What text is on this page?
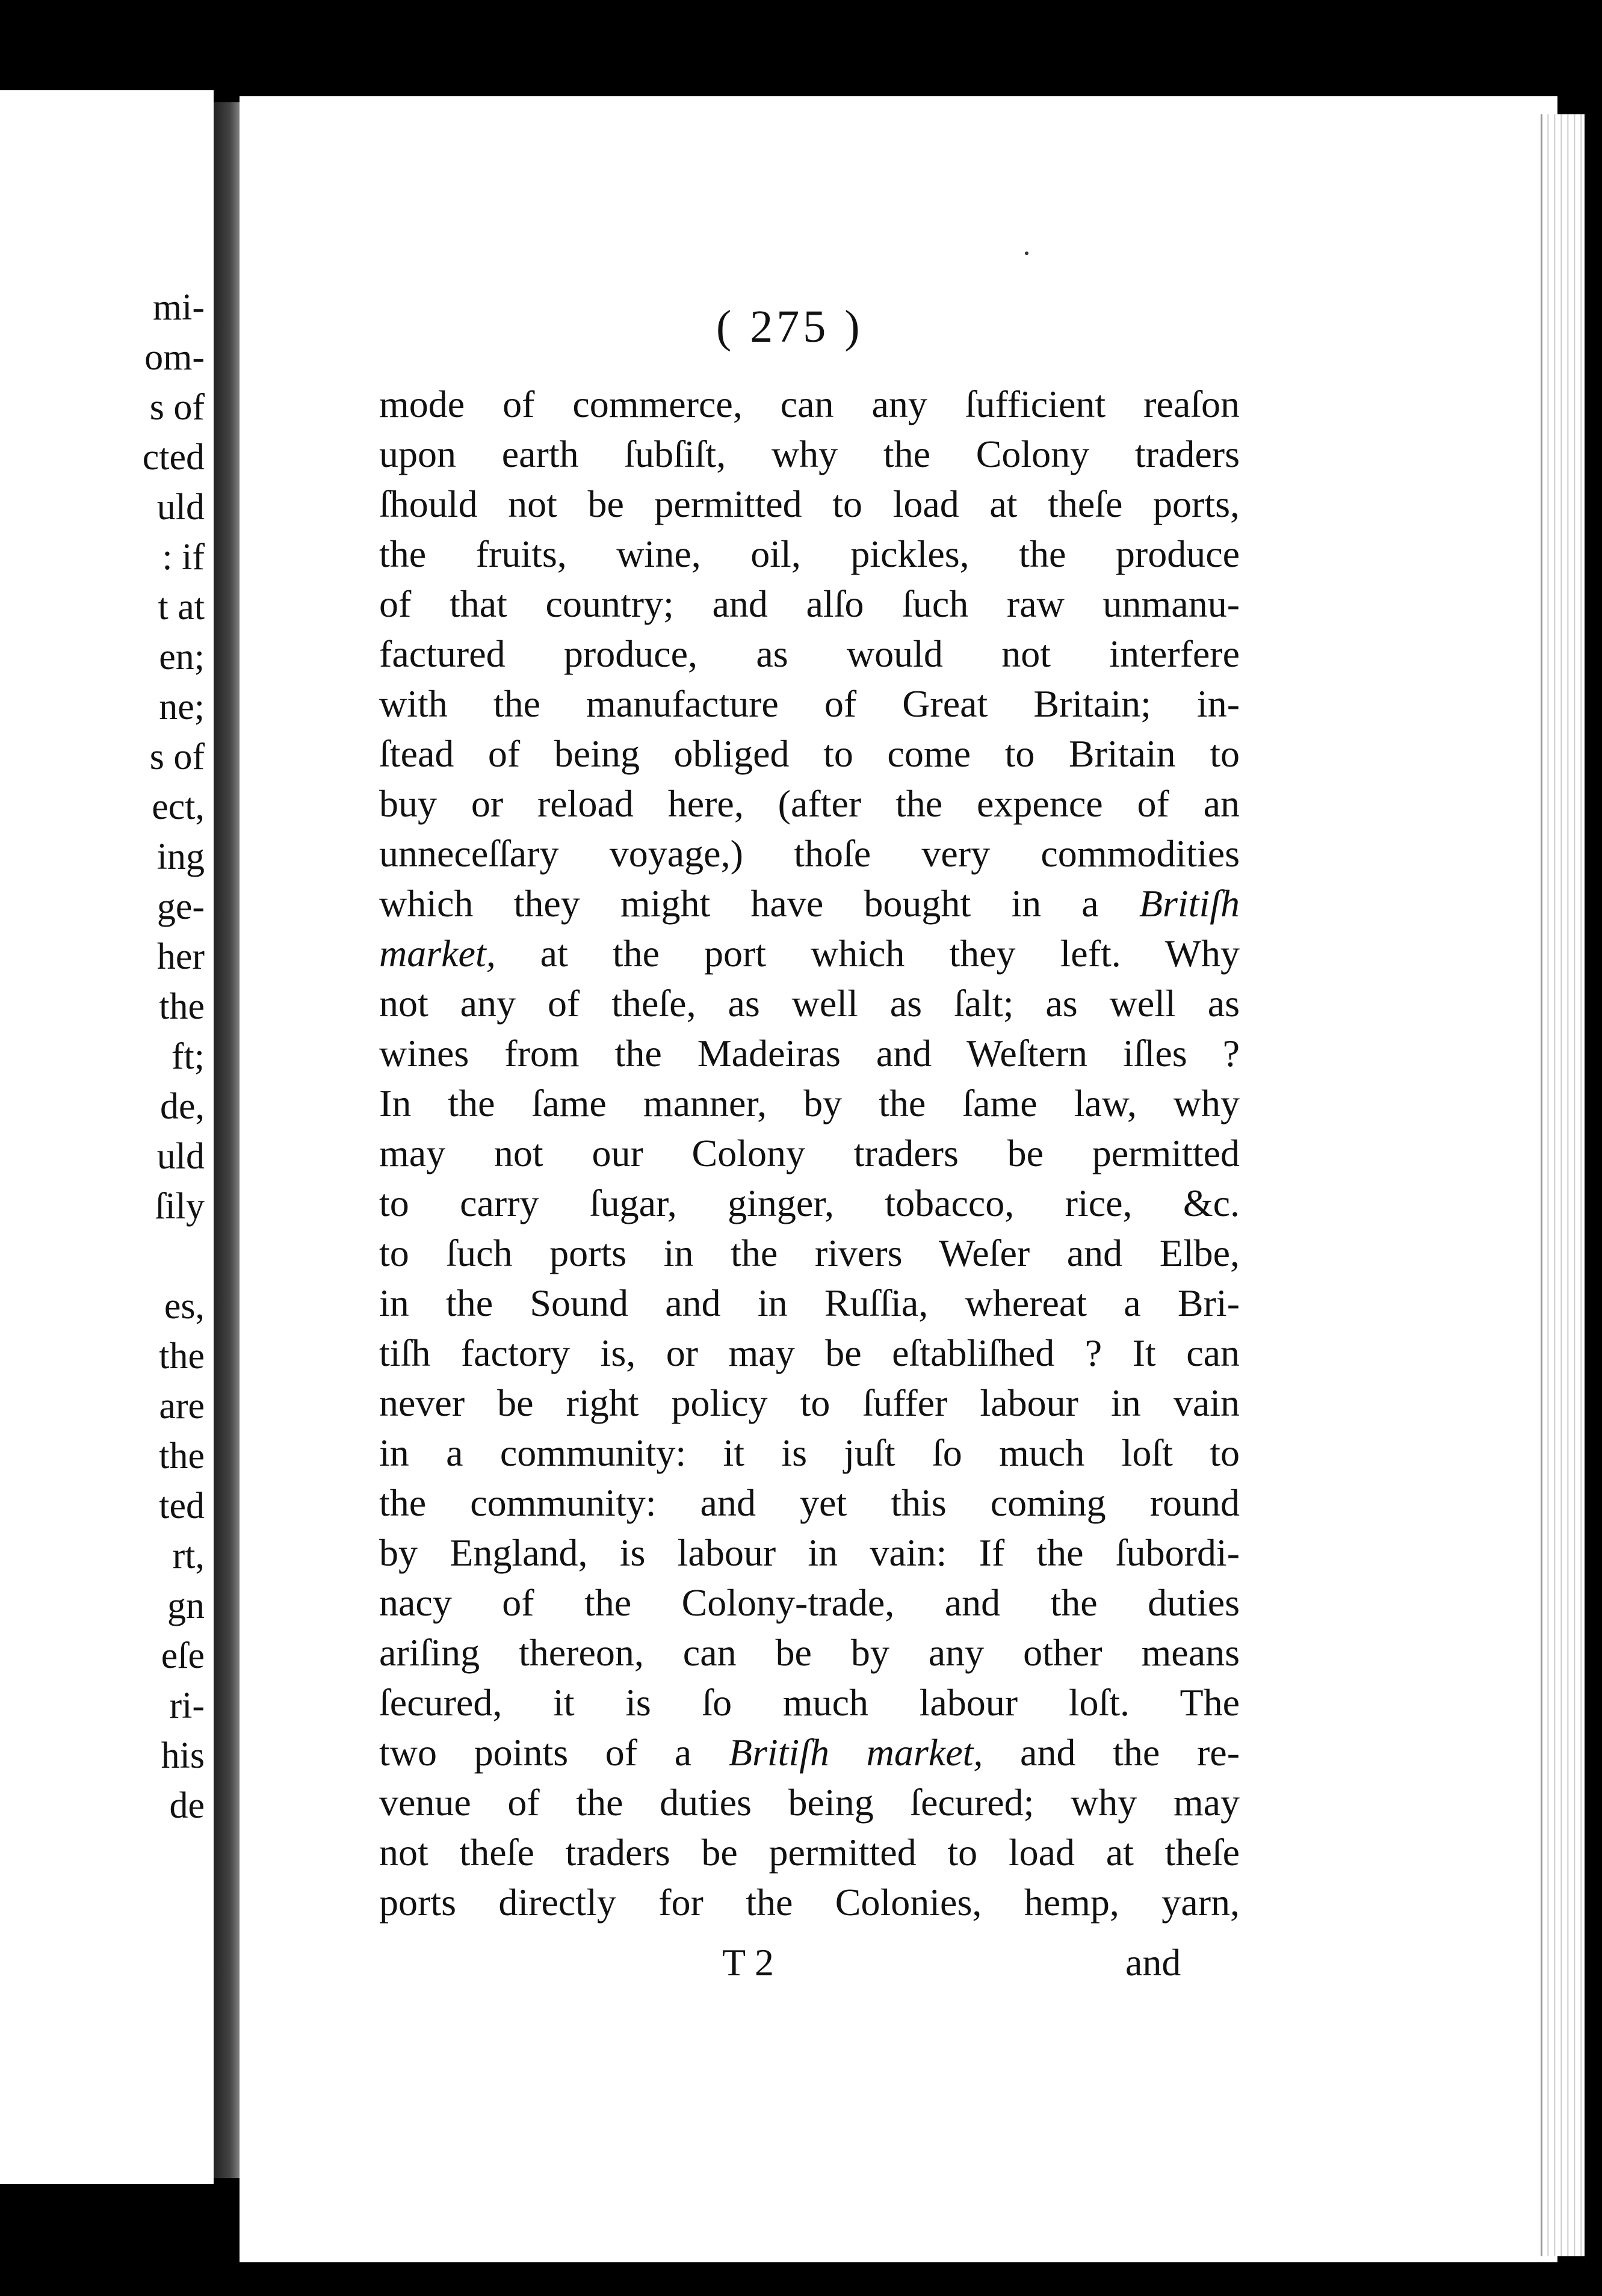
mi-
om-
s of
cted
uld
: if
t at
en;
ne;
s of
ect,
ing
ge-
her
the
ft;
de,
uld
ſily
es,
the
are
the
ted
rt,
gn
eſe
ri-
his
de
( 275 )
mode of commerce, can any ſufficient reaſon
upon earth ſubſiſt, why the Colony traders
ſhould not be permitted to load at theſe ports,
the fruits, wine, oil, pickles, the produce
of that country; and alſo ſuch raw unmanu-
factured produce, as would not interfere
with the manufacture of Great Britain; in-
ſtead of being obliged to come to Britain to
buy or reload here, (after the expence of an
unneceſſary voyage,) thoſe very commodities
which they might have bought in a Britiſh
market, at the port which they left. Why
not any of theſe, as well as ſalt; as well as
wines from the Madeiras and Weſtern iſles ?
In the ſame manner, by the ſame law, why
may not our Colony traders be permitted
to carry ſugar, ginger, tobacco, rice, &c.
to ſuch ports in the rivers Weſer and Elbe,
in the Sound and in Ruſſia, whereat a Bri-
tiſh factory is, or may be eſtabliſhed ? It can
never be right policy to ſuffer labour in vain
in a community: it is juſt ſo much loſt to
the community: and yet this coming round
by England, is labour in vain: If the ſubordi-
nacy of the Colony-trade, and the duties
ariſing thereon, can be by any other means
ſecured, it is ſo much labour loſt. The
two points of a Britiſh market, and the re-
venue of the duties being ſecured; why may
not theſe traders be permitted to load at theſe
ports directly for the Colonies, hemp, yarn,
T 2	and
